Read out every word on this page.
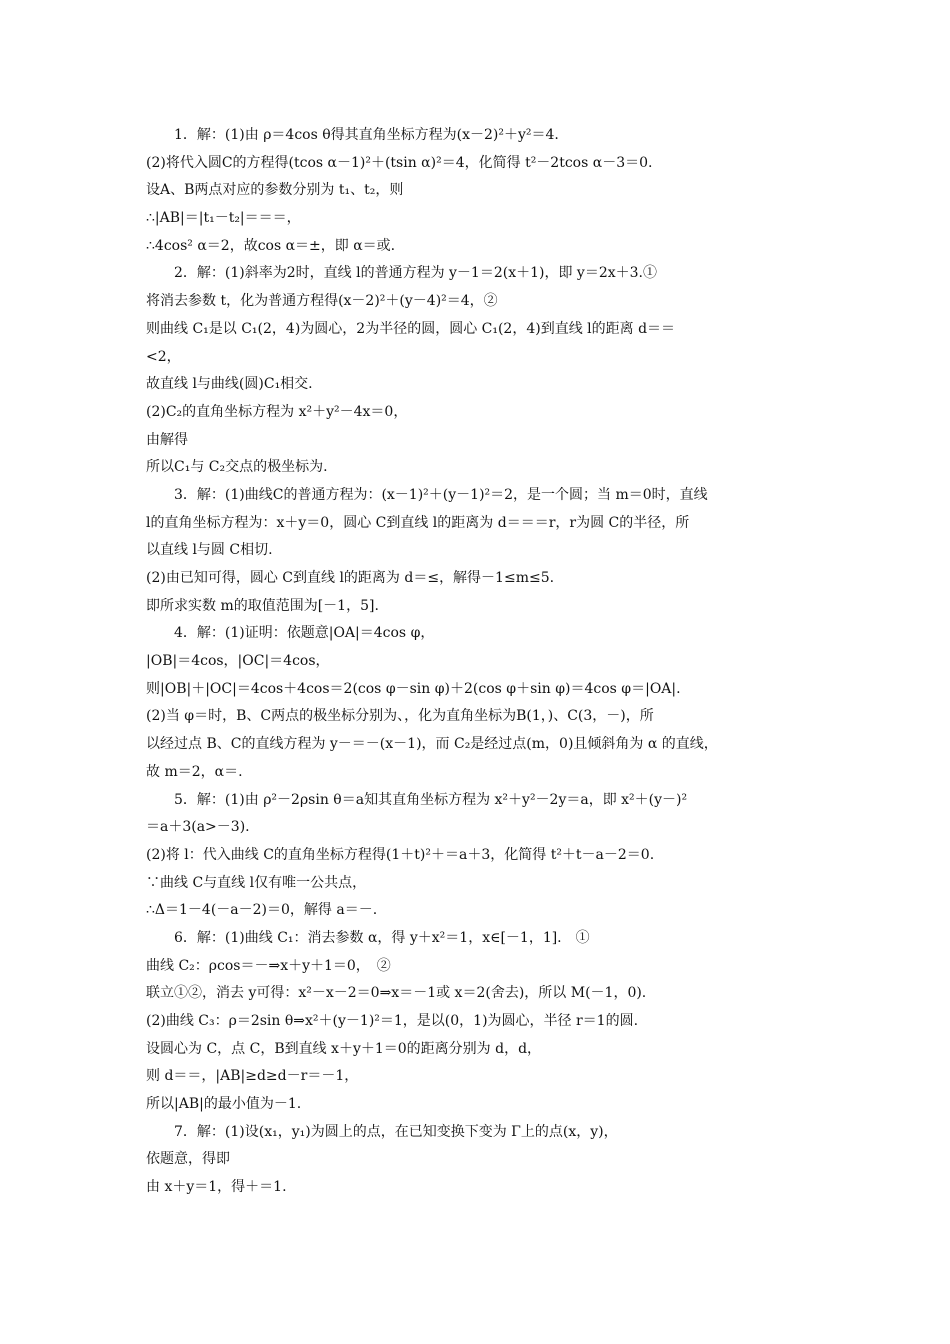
1．解：(1)由 ρ＝4cos θ得其直角坐标方程为(x－2)²＋y²＝4.
(2)将代入圆C的方程得(tcos α－1)²＋(tsin α)²＝4，化简得 t²－2tcos α－3＝0.
设A、B两点对应的参数分别为 t₁、t₂，则
∴|AB|＝|t₁－t₂|＝＝＝，
∴4cos² α＝2，故cos α＝±，即 α＝或.
2．解：(1)斜率为2时，直线 l的普通方程为 y－1＝2(x＋1)，即 y＝2x＋3.①
将消去参数 t，化为普通方程得(x－2)²＋(y－4)²＝4，②
则曲线 C₁是以 C₁(2，4)为圆心，2为半径的圆，圆心 C₁(2，4)到直线 l的距离 d＝＝
<2，
故直线 l与曲线(圆)C₁相交.
(2)C₂的直角坐标方程为 x²＋y²－4x＝0，
由解得
所以C₁与 C₂交点的极坐标为.
3．解：(1)曲线C的普通方程为：(x－1)²＋(y－1)²＝2，是一个圆；当 m＝0时，直线
l的直角坐标方程为：x＋y＝0，圆心 C到直线 l的距离为 d＝＝＝r，r为圆 C的半径，所
以直线 l与圆 C相切.
(2)由已知可得，圆心 C到直线 l的距离为 d＝≤，解得－1≤m≤5.
即所求实数 m的取值范围为[－1，5].
4．解：(1)证明：依题意|OA|＝4cos φ，
|OB|＝4cos，|OC|＝4cos，
则|OB|＋|OC|＝4cos＋4cos＝2(cos φ－sin φ)＋2(cos φ＋sin φ)＝4cos φ＝|OA|.
(2)当 φ＝时，B、C两点的极坐标分别为、，化为直角坐标为B(1，)、C(3，－)，所
以经过点 B、C的直线方程为 y－＝－(x－1)，而 C₂是经过点(m，0)且倾斜角为 α 的直线，
故 m＝2，α＝.
5．解：(1)由 ρ²－2ρsin θ＝a知其直角坐标方程为 x²＋y²－2y＝a，即 x²＋(y－)²
＝a＋3(a>－3).
(2)将 l：代入曲线 C的直角坐标方程得(1＋t)²＋＝a＋3，化简得 t²＋t－a－2＝0.
∵曲线 C与直线 l仅有唯一公共点，
∴Δ＝1－4(－a－2)＝0，解得 a＝－.
6．解：(1)曲线 C₁：消去参数 α，得 y＋x²＝1，x∈[－1，1].　①
曲线 C₂：ρcos＝－⇒x＋y＋1＝0，　②
联立①②，消去 y可得：x²－x－2＝0⇒x＝－1或 x＝2(舍去)，所以 M(－1，0).
(2)曲线 C₃：ρ＝2sin θ⇒x²＋(y－1)²＝1，是以(0，1)为圆心，半径 r＝1的圆.
设圆心为 C，点 C，B到直线 x＋y＋1＝0的距离分别为 d，d，
则 d＝＝，|AB|≥d≥d－r＝－1，
所以|AB|的最小值为－1.
7．解：(1)设(x₁，y₁)为圆上的点，在已知变换下变为 Γ上的点(x，y)，
依题意，得即
由 x＋y＝1，得＋＝1.
